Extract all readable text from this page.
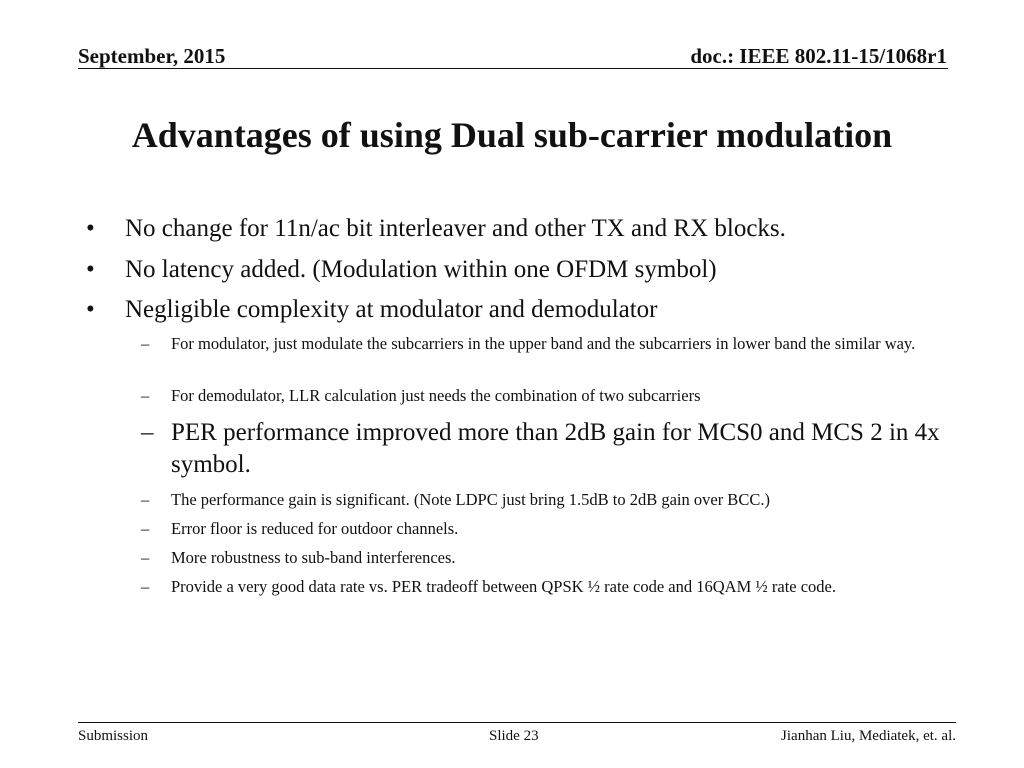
September, 2015	doc.: IEEE 802.11-15/1068r1
Advantages of using Dual sub-carrier modulation
• No change for 11n/ac bit interleaver and other TX and RX blocks.
• No latency added. (Modulation within one OFDM symbol)
• Negligible complexity at modulator and demodulator
– For modulator, just modulate the subcarriers in the upper band and the subcarriers in lower band the similar way.
– For demodulator, LLR calculation just needs the combination of two subcarriers
– PER performance improved more than 2dB gain for MCS0 and MCS 2 in 4x symbol.
– The performance gain is significant. (Note LDPC just bring 1.5dB to 2dB gain over BCC.)
– Error floor is reduced for outdoor channels.
– More robustness to sub-band interferences.
– Provide a very good data rate vs. PER tradeoff between QPSK ½ rate code and 16QAM ½ rate code.
Submission	Slide 23	Jianhan Liu, Mediatek, et. al.
